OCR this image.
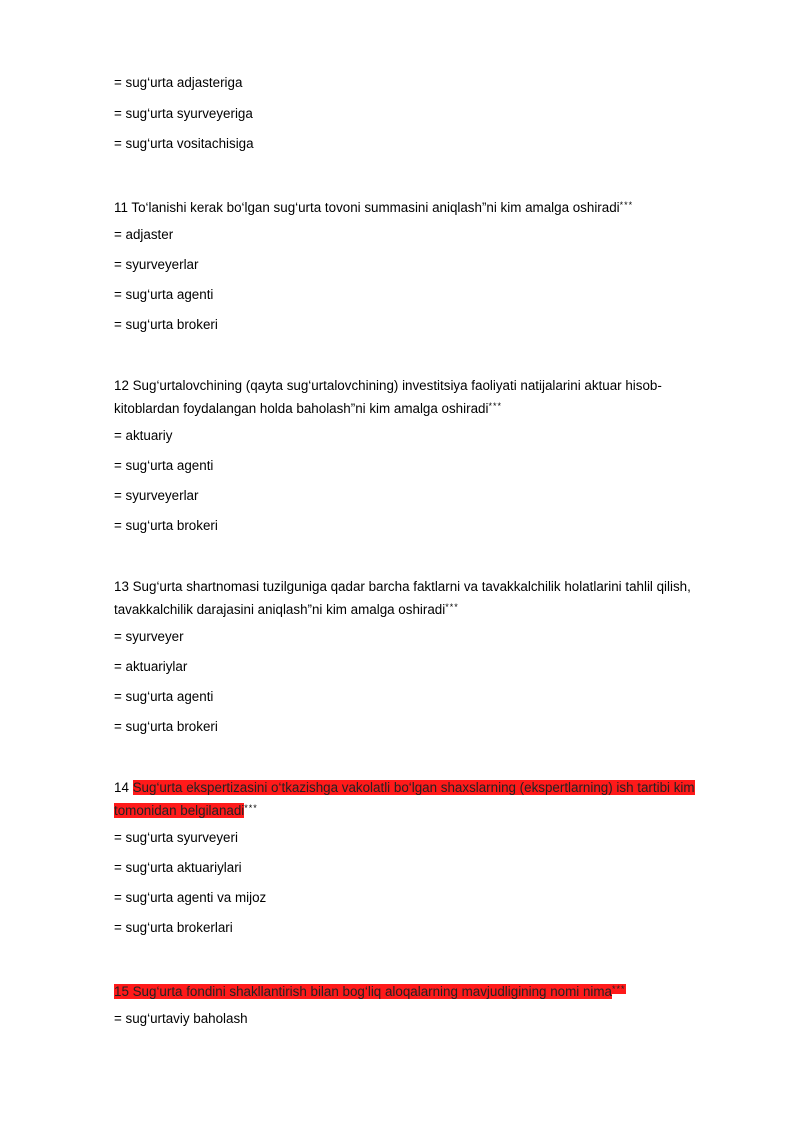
= sug‘urta adjasteriga
= sug‘urta syurveyeriga
= sug‘urta vositachisiga
11 To‘lanishi kerak bo‘lgan sug‘urta tovoni summasini aniqlash”ni kim amalga oshiradi***
= adjaster
= syurveyerlar
= sug‘urta agenti
= sug‘urta brokeri
12 Sug‘urtalovchining (qayta sug‘urtalovchining) investitsiya faoliyati natijalarini aktuar hisob-
kitoblardan foydalangan holda baholash”ni kim amalga oshiradi***
= aktuariy
= sug‘urta agenti
= syurveyerlar
= sug‘urta brokeri
13 Sug‘urta shartnomasi tuzilguniga qadar barcha faktlarni va tavakkalchilik holatlarini tahlil qilish,
tavakkalchilik darajasini aniqlash”ni kim amalga oshiradi***
= syurveyer
= aktuariylar
= sug‘urta agenti
= sug‘urta brokeri
14 Sug‘urta ekspertizasini o‘tkazishga vakolatli bo‘lgan shaxslarning (ekspertlarning) ish tartibi kim
tomonidan belgilanadi***
= sug‘urta syurveyeri
= sug‘urta aktuariylari
= sug‘urta agenti va mijoz
= sug‘urta brokerlari
15 Sug‘urta fondini shakllantirish bilan bog‘liq aloqalarning mavjudligining nomi nima***
= sug‘urtaviy baholash
